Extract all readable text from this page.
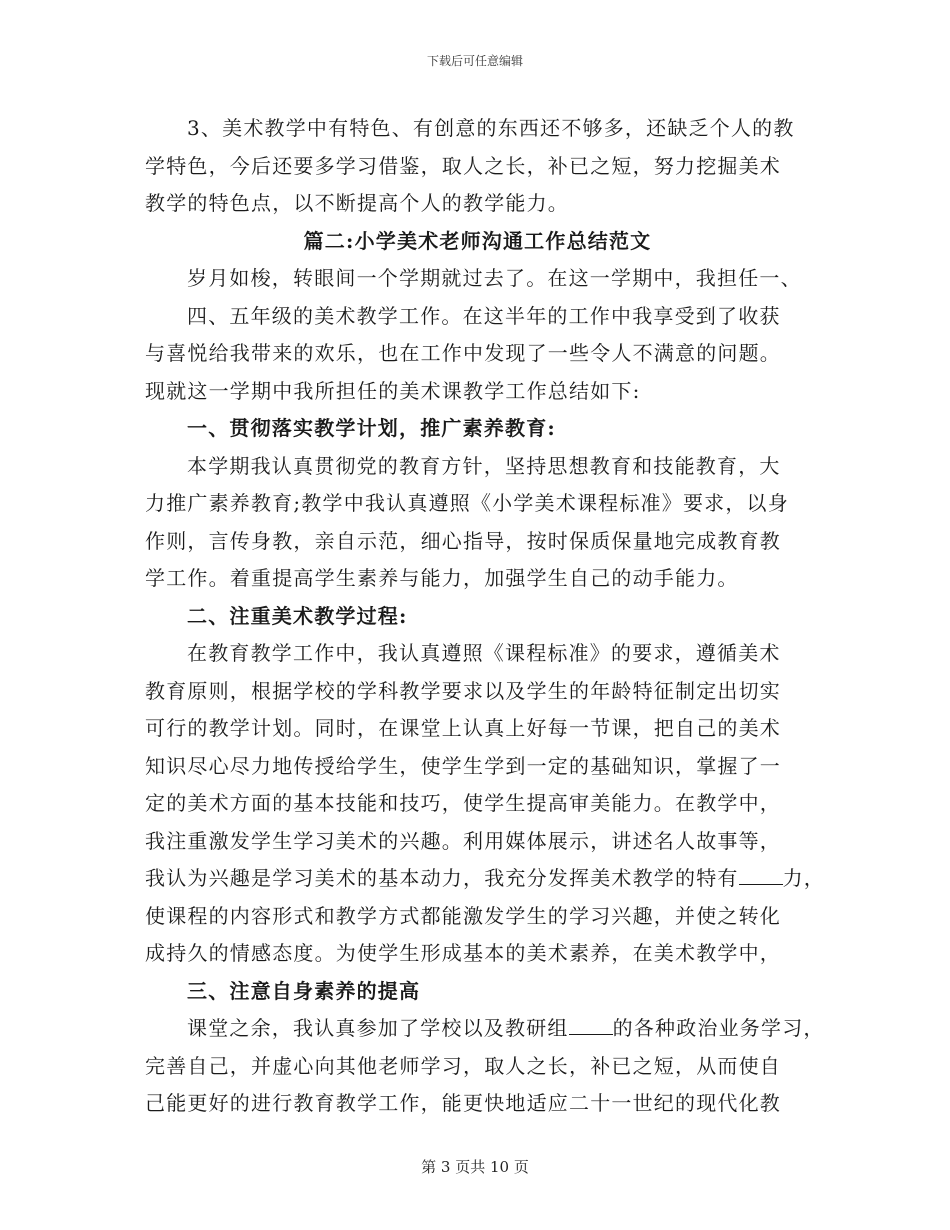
下载后可任意编辑
3、美术教学中有特色、有创意的东西还不够多，还缺乏个人的教
学特色，今后还要多学习借鉴，取人之长，补已之短，努力挖掘美术
教学的特色点，以不断提高个人的教学能力。
篇二:小学美术老师沟通工作总结范文
岁月如梭，转眼间一个学期就过去了。在这一学期中，我担任一、
四、五年级的美术教学工作。在这半年的工作中我享受到了收获
与喜悦给我带来的欢乐，也在工作中发现了一些令人不满意的问题。
现就这一学期中我所担任的美术课教学工作总结如下:
一、贯彻落实教学计划，推广素养教育:
本学期我认真贯彻党的教育方针，坚持思想教育和技能教育，大
力推广素养教育;教学中我认真遵照《小学美术课程标准》要求，以身
作则，言传身教，亲自示范，细心指导，按时保质保量地完成教育教
学工作。着重提高学生素养与能力，加强学生自己的动手能力。
二、注重美术教学过程:
在教育教学工作中，我认真遵照《课程标准》的要求，遵循美术
教育原则，根据学校的学科教学要求以及学生的年龄特征制定出切实
可行的教学计划。同时，在课堂上认真上好每一节课，把自己的美术
知识尽心尽力地传授给学生，使学生学到一定的基础知识，掌握了一
定的美术方面的基本技能和技巧，使学生提高审美能力。在教学中，
我注重激发学生学习美术的兴趣。利用媒体展示，讲述名人故事等，
我认为兴趣是学习美术的基本动力，我充分发挥美术教学的特有 力，
使课程的内容形式和教学方式都能激发学生的学习兴趣，并使之转化
成持久的情感态度。为使学生形成基本的美术素养，在美术教学中，
三、注意自身素养的提高
课堂之余，我认真参加了学校以及教研组 的各种政治业务学习，
完善自己，并虚心向其他老师学习，取人之长，补已之短，从而使自
己能更好的进行教育教学工作，能更快地适应二十一世纪的现代化教
第 3 页共 10 页
